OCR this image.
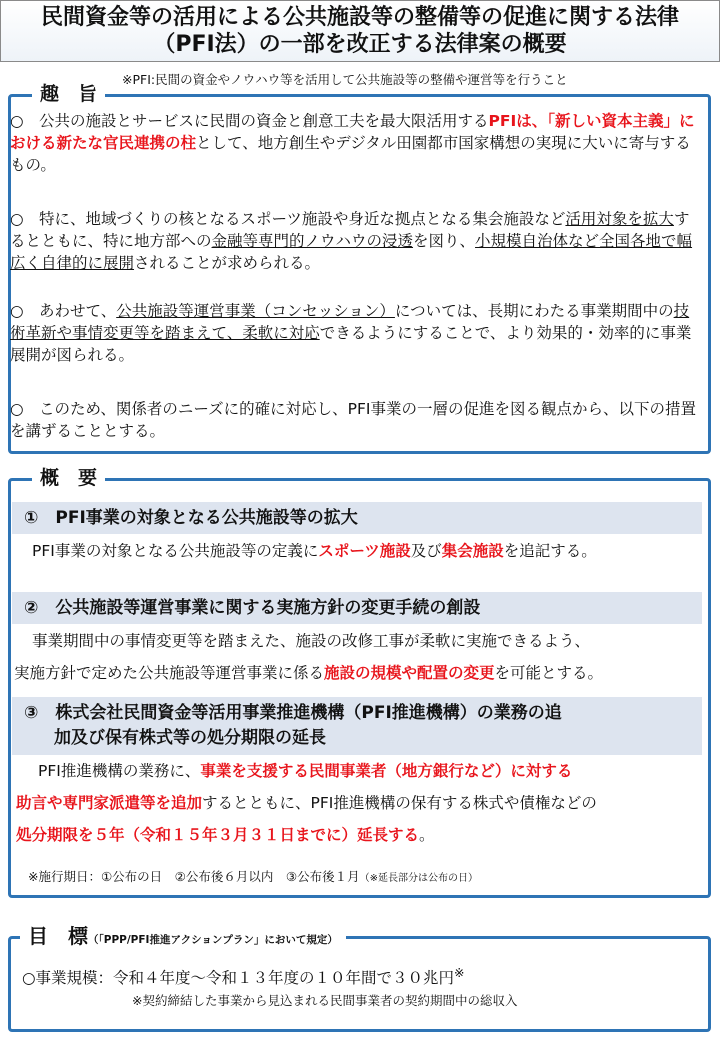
民間資金等の活用による公共施設等の整備等の促進に関する法律
（PFI法）の一部を改正する法律案の概要
※PFI:民間の資金やノウハウ等を活用して公共施設等の整備や運営等を行うこと
趣　旨

○　公共の施設とサービスに民間の資金と創意工夫を最大限活用するPFIは、「新しい資本主義」における新たな官民連携の柱として、地方創生やデジタル田園都市国家構想の実現に大いに寄与するもの。

○　特に、地域づくりの核となるスポーツ施設や身近な拠点となる集会施設など活用対象を拡大するとともに、特に地方部への金融等専門的ノウハウの浸透を図り、小規模自治体など全国各地で幅広く自律的に展開されることが求められる。

○　あわせて、公共施設等運営事業（コンセッション）については、長期にわたる事業期間中の技術革新や事情変更等を踏まえて、柔軟に対応できるようにすることで、より効果的・効率的に事業展開が図られる。

○　このため、関係者のニーズに的確に対応し、PFI事業の一層の促進を図る観点から、以下の措置を講ずることとする。

概　要
①　PFI事業の対象となる公共施設等の拡大
PFI事業の対象となる公共施設等の定義にスポーツ施設及び集会施設を追記する。
②　公共施設等運営事業に関する実施方針の変更手続の創設
事業期間中の事情変更等を踏まえた、施設の改修工事が柔軟に実施できるよう、
実施方針で定めた公共施設等運営事業に係る施設の規模や配置の変更を可能とする。
③　株式会社民間資金等活用事業推進機構（PFI推進機構）の業務の追
加及び保有株式等の処分期限の延長
PFI推進機構の業務に、事業を支援する民間事業者（地方銀行など）に対する
助言や専門家派遣等を追加するとともに、PFI推進機構の保有する株式や債権などの
処分期限を５年（令和１５年３月３１日までに）延長する。
※施行期日：①公布の日　②公布後６月以内　③公布後１月（※延長部分は公布の日）
目　標（「PPP/PFI推進アクションプラン」において規定）
○事業規模：令和４年度～令和１３年度の１０年間で３０兆円※
※契約締結した事業から見込まれる民間事業者の契約期間中の総収入
